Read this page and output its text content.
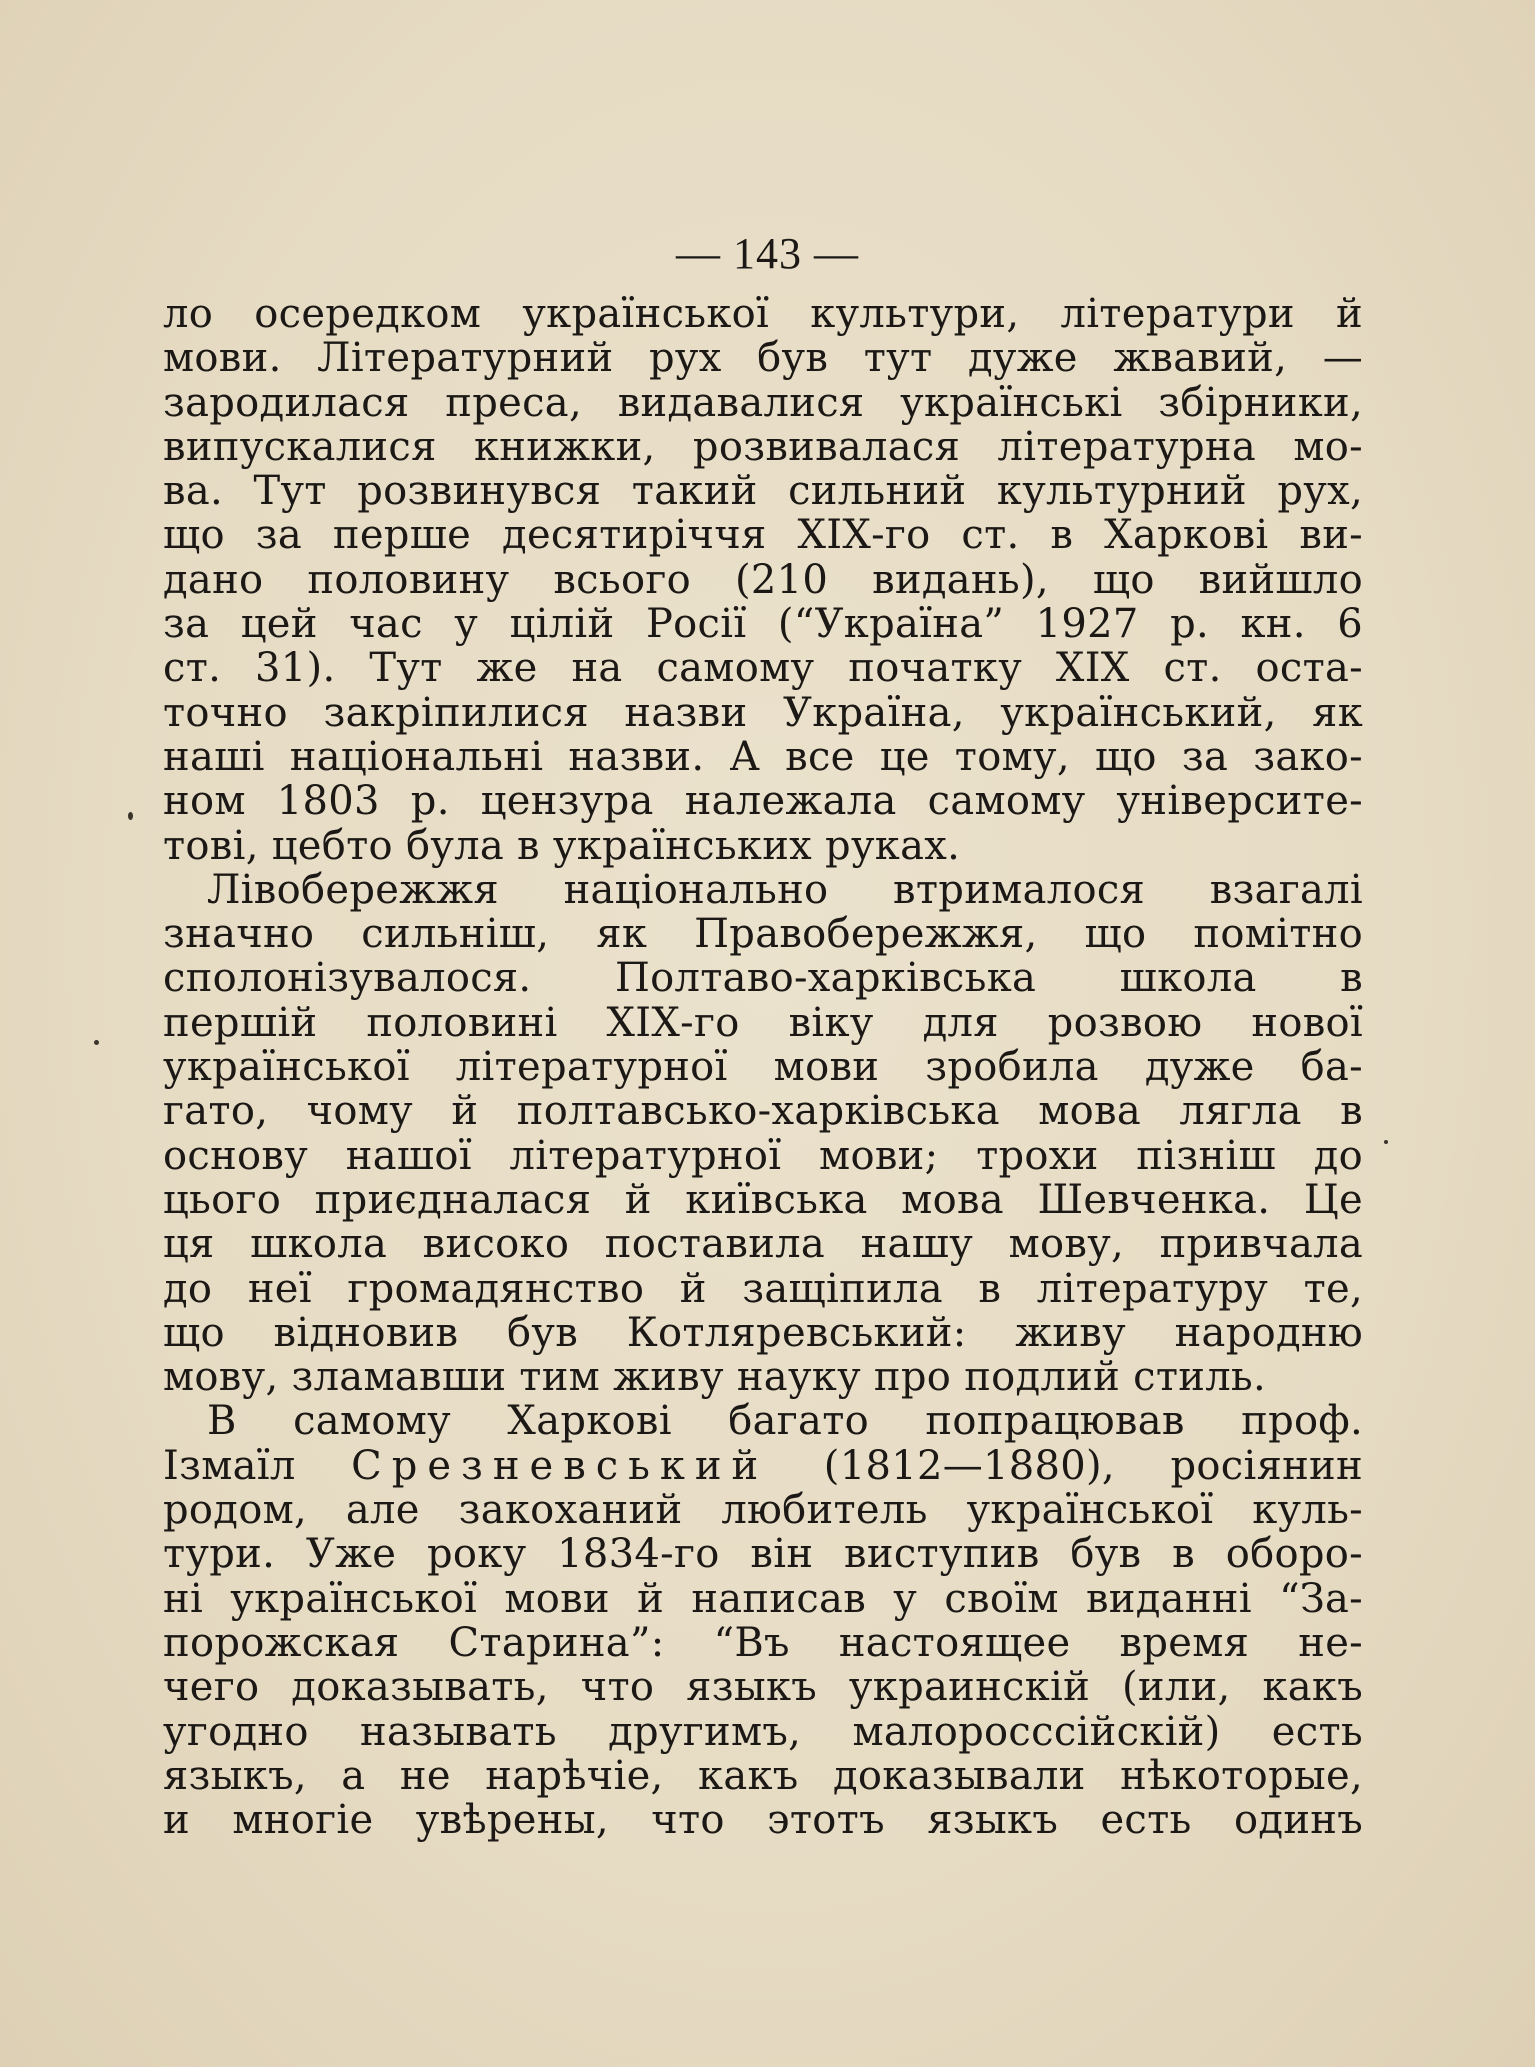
— 143 —
ло осередком української культури, літератури й
мови. Літературний рух був тут дуже жвавий, —
зародилася преса, видавалися українські збірники,
випускалися книжки, розвивалася літературна мо-
ва. Тут розвинувся такий сильний культурний рух,
що за перше десятиріччя ХІХ-го ст. в Харкові ви-
дано половину всього (210 видань), що вийшло
за цей час у цілій Росії (“Україна” 1927 р. кн. 6
ст. 31). Тут же на самому початку ХІХ ст. оста-
точно закріпилися назви Україна, український, як
наші національні назви. А все це тому, що за зако-
ном 1803 р. цензура належала самому університе-
тові, цебто була в українських руках.
Лівобережжя національно втрималося взагалі
значно сильніш, як Правобережжя, що помітно
сполонізувалося. Полтаво-харківська школа в
першій половині ХІХ-го віку для розвою нової
української літературної мови зробила дуже ба-
гато, чому й полтавсько-харківська мова лягла в
основу нашої літературної мови; трохи пізніш до
цього приєдналася й київська мова Шевченка. Це
ця школа високо поставила нашу мову, привчала
до неї громадянство й защіпила в літературу те,
що відновив був Котляревський: живу народню
мову, зламавши тим живу науку про подлий стиль.
В самому Харкові багато попрацював проф.
Ізмаїл Срезневський (1812—1880), росіянин
родом, але закоханий любитель української куль-
тури. Уже року 1834-го він виступив був в оборо-
ні української мови й написав у своїм виданні “За-
порожская Старина”: “Въ настоящее время не-
чего доказывать, что языкъ украинскій (или, какъ
угодно называть другимъ, малоросссійскій) есть
языкъ, а не нарѣчіе, какъ доказывали нѣкоторые,
и многіе увѣрены, что этотъ языкъ есть одинъ
